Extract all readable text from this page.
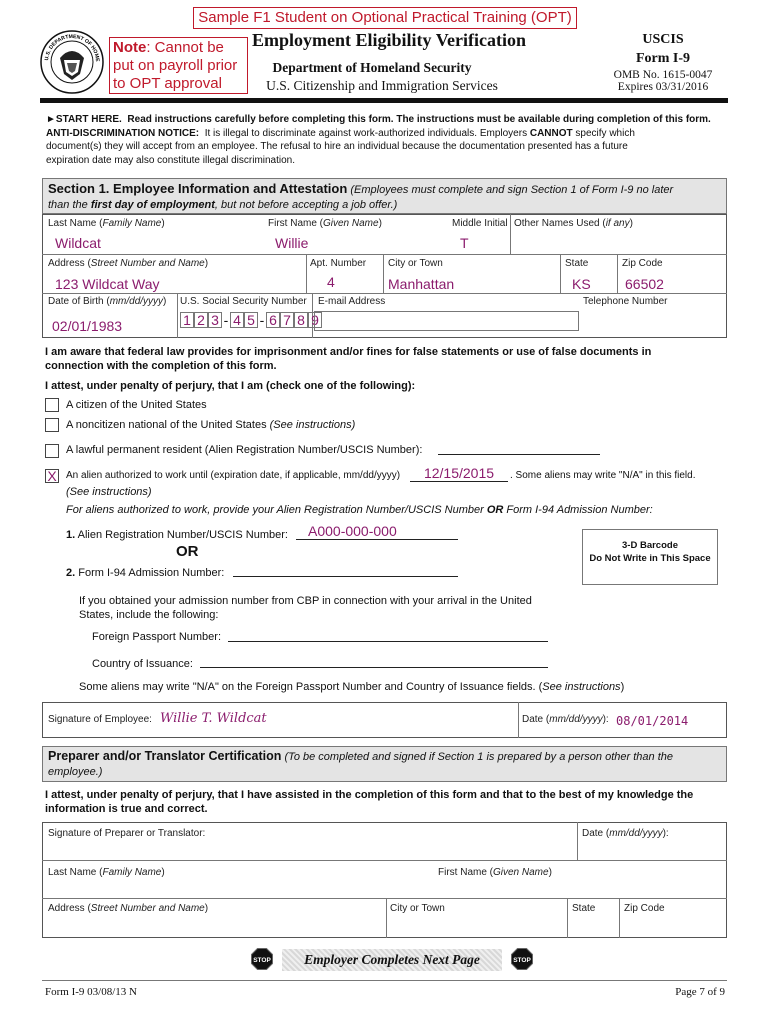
Sample F1 Student on Optional Practical Training (OPT)
U.S. DEPARTMENT OF HOME
Note: Cannot be
put on payroll prior
to OPT approval
Employment Eligibility Verification
Department of Homeland Security
U.S. Citizenship and Immigration Services
USCIS
Form I-9
OMB No. 1615-0047
Expires 03/31/2016
►START HERE. Read instructions carefully before completing this form. The instructions must be available during completion of this form.
ANTI-DISCRIMINATION NOTICE: It is illegal to discriminate against work-authorized individuals. Employers CANNOT specify which
document(s) they will accept from an employee. The refusal to hire an individual because the documentation presented has a future
expiration date may also constitute illegal discrimination.
Section 1. Employee Information and Attestation (Employees must complete and sign Section 1 of Form I-9 no later
than the first day of employment, but not before accepting a job offer.)
Last Name (Family Name)	First Name (Given Name)	Middle Initial Other Names Used (if any)
Wildcat	Willie	T
Address (Street Number and Name)	Apt. Number City or Town	State	Zip Code
123 Wildcat Way	4	Manhattan	KS 66502
Date of Birth (mm/dd/yyyy) U.S. Social Security Number E-mail Address	Telephone Number
02/01/1983	1 2 3 - 4 5 - 6 7 8 9
I am aware that federal law provides for imprisonment and/or fines for false statements or use of false documents in
connection with the completion of this form.
I attest, under penalty of perjury, that I am (check one of the following):
A citizen of the United States
A noncitizen national of the United States (See instructions)
A lawful permanent resident (Alien Registration Number/USCIS Number):
X An alien authorized to work until (expiration date, if applicable, mm/dd/yyyy)	12/15/2015	. Some aliens may write "N/A" in this field.
(See instructions)
For aliens authorized to work, provide your Alien Registration Number/USCIS Number OR Form I-94 Admission Number:
1. Alien Registration Number/USCIS Number:	A000-000-000
OR
2. Form I-94 Admission Number:
3-D Barcode
Do Not Write in This Space
If you obtained your admission number from CBP in connection with your arrival in the United
States, include the following:
Foreign Passport Number:
Country of Issuance:
Some aliens may write "N/A" on the Foreign Passport Number and Country of Issuance fields. (See instructions)
Signature of Employee: Willie T. Wildcat	Date (mm/dd/yyyy): 08/01/2014
Preparer and/or Translator Certification (To be completed and signed if Section 1 is prepared by a person other than the
employee.)
I attest, under penalty of perjury, that I have assisted in the completion of this form and that to the best of my knowledge the
information is true and correct.
Signature of Preparer or Translator:	Date (mm/dd/yyyy):
Last Name (Family Name)	First Name (Given Name)
Address (Street Number and Name)	City or Town	State	Zip Code
STOP	Employer Completes Next Page	STOP
Form I-9 03/08/13 N	Page 7 of 9
